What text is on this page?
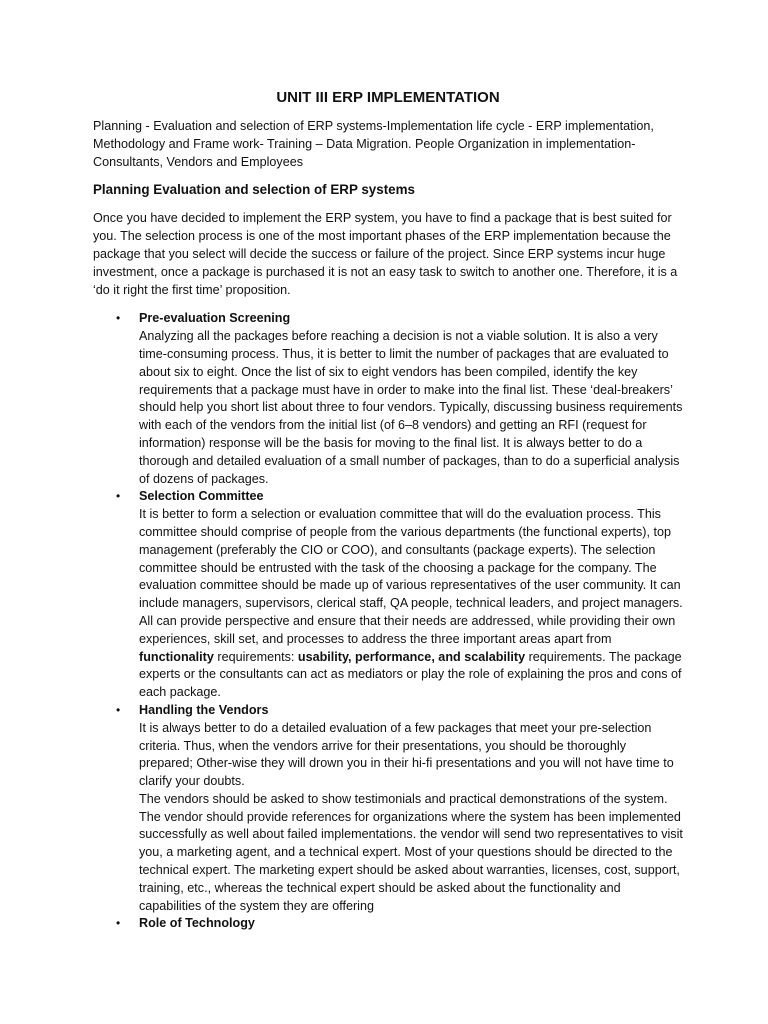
UNIT III ERP IMPLEMENTATION
Planning - Evaluation and selection of ERP systems-Implementation life cycle - ERP implementation, Methodology and Frame work- Training – Data Migration. People Organization in implementation-Consultants, Vendors and Employees
Planning Evaluation and selection of ERP systems
Once you have decided to implement the ERP system, you have to find a package that is best suited for you. The selection process is one of the most important phases of the ERP implementation because the package that you select will decide the success or failure of the project. Since ERP systems incur huge investment, once a package is purchased it is not an easy task to switch to another one. Therefore, it is a ‘do it right the first time’ proposition.
• Pre-evaluation Screening
Analyzing all the packages before reaching a decision is not a viable solution. It is also a very time-consuming process. Thus, it is better to limit the number of packages that are evaluated to about six to eight. Once the list of six to eight vendors has been compiled, identify the key requirements that a package must have in order to make into the final list. These ‘deal-breakers’ should help you short list about three to four vendors. Typically, discussing business requirements with each of the vendors from the initial list (of 6–8 vendors) and getting an RFI (request for information) response will be the basis for moving to the final list. It is always better to do a thorough and detailed evaluation of a small number of packages, than to do a superficial analysis of dozens of packages.
• Selection Committee
It is better to form a selection or evaluation committee that will do the evaluation process. This committee should comprise of people from the various departments (the functional experts), top management (preferably the CIO or COO), and consultants (package experts). The selection committee should be entrusted with the task of the choosing a package for the company. The evaluation committee should be made up of various representatives of the user community. It can include managers, supervisors, clerical staff, QA people, technical leaders, and project managers. All can provide perspective and ensure that their needs are addressed, while providing their own experiences, skill set, and processes to address the three important areas apart from functionality requirements: usability, performance, and scalability requirements. The package experts or the consultants can act as mediators or play the role of explaining the pros and cons of each package.
• Handling the Vendors
It is always better to do a detailed evaluation of a few packages that meet your pre-selection criteria. Thus, when the vendors arrive for their presentations, you should be thoroughly prepared; Other-wise they will drown you in their hi-fi presentations and you will not have time to clarify your doubts.
The vendors should be asked to show testimonials and practical demonstrations of the system. The vendor should provide references for organizations where the system has been implemented successfully as well about failed implementations. the vendor will send two representatives to visit you, a marketing agent, and a technical expert. Most of your questions should be directed to the technical expert. The marketing expert should be asked about warranties, licenses, cost, support, training, etc., whereas the technical expert should be asked about the functionality and capabilities of the system they are offering
• Role of Technology
